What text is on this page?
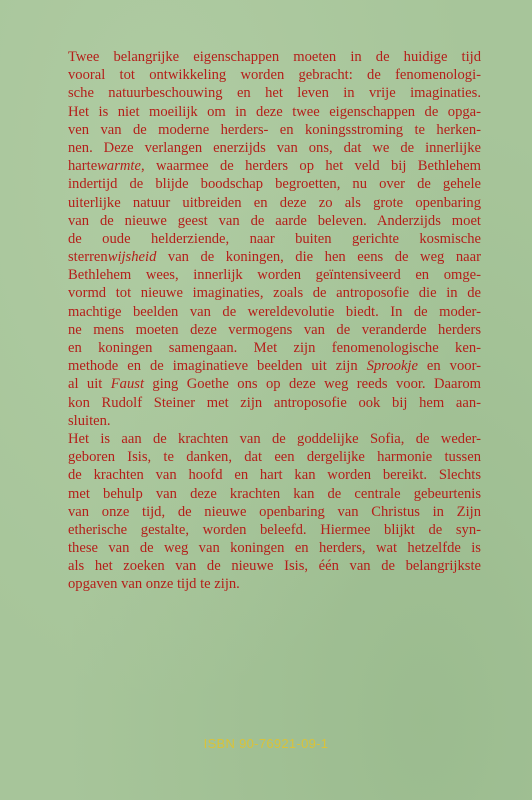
Twee belangrijke eigenschappen moeten in de huidige tijd
vooral tot ontwikkeling worden gebracht: de fenomenologi-
sche natuurbeschouwing en het leven in vrije imaginaties.
Het is niet moeilijk om in deze twee eigenschappen de opga-
ven van de moderne herders- en koningsstroming te herken-
nen. Deze verlangen enerzijds van ons, dat we de innerlijke
hartewarmte, waarmee de herders op het veld bij Bethlehem
indertijd de blijde boodschap begroetten, nu over de gehele
uiterlijke natuur uitbreiden en deze zo als grote openbaring
van de nieuwe geest van de aarde beleven. Anderzijds moet
de oude helderziende, naar buiten gerichte kosmische
sterrenwijsheid van de koningen, die hen eens de weg naar
Bethlehem wees, innerlijk worden geïntensiveerd en omge-
vormd tot nieuwe imaginaties, zoals de antroposofie die in de
machtige beelden van de wereldevolutie biedt. In de moder-
ne mens moeten deze vermogens van de veranderde herders
en koningen samengaan. Met zijn fenomenologische ken-
methode en de imaginatieve beelden uit zijn Sprookje en voor-
al uit Faust ging Goethe ons op deze weg reeds voor. Daarom
kon Rudolf Steiner met zijn antroposofie ook bij hem aan-
sluiten.

Het is aan de krachten van de goddelijke Sofia, de weder-
geboren Isis, te danken, dat een dergelijke harmonie tussen
de krachten van hoofd en hart kan worden bereikt. Slechts
met behulp van deze krachten kan de centrale gebeurtenis
van onze tijd, de nieuwe openbaring van Christus in Zijn
etherische gestalte, worden beleefd. Hiermee blijkt de syn-
these van de weg van koningen en herders, wat hetzelfde is
als het zoeken van de nieuwe Isis, één van de belangrijkste
opgaven van onze tijd te zijn.

ISBN 90-76921-09-1
